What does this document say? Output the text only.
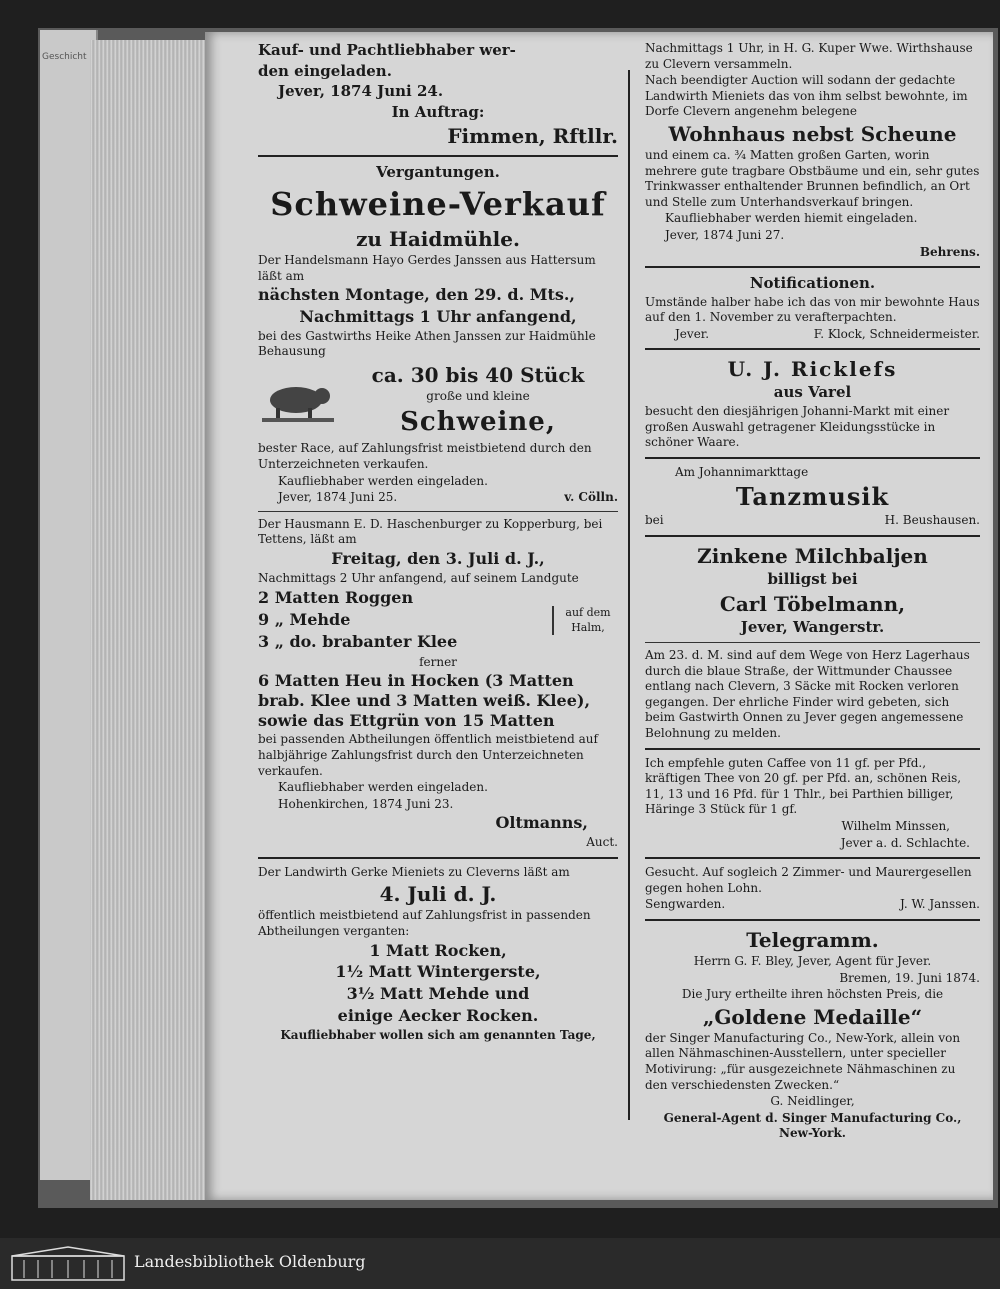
Geschicht	Kauf- und Pachtliebhaber wer-

den eingeladen.

Jever, 1874 Juni 24.

In Auftrag:

Fimmen, Rftllr.

Vergantungen.

Schweine-Verkauf

zu Haidmühle.

Der Handelsmann Hayo Gerdes Janssen aus Hattersum läßt am

nächsten Montage, den 29. d. Mts.,

Nachmittags 1 Uhr anfangend,

bei des Gastwirths Heike Athen Janssen zur Haidmühle Behausung

ca. 30 bis 40 Stück

große und kleine

Schweine,

bester Race, auf Zahlungsfrist meistbietend durch den Unterzeichneten verkaufen.

Kaufliebhaber werden eingeladen.

Jever, 1874 Juni 25.	v. Cölln.

Der Hausmann E. D. Haschenburger zu Kopperburg, bei Tettens, läßt am

Freitag, den 3. Juli d. J.,

Nachmittags 2 Uhr anfangend, auf seinem Landgute

2 Matten Roggen

9 „ Mehde

3 „ do. brabanter Klee

auf dem Halm,

ferner

6 Matten Heu in Hocken (3 Matten brab. Klee und 3 Matten weiß. Klee), sowie das Ettgrün von 15 Matten

bei passenden Abtheilungen öffentlich meistbietend auf halbjährige Zahlungsfrist durch den Unterzeichneten verkaufen.

Kaufliebhaber werden eingeladen.

Hohenkirchen, 1874 Juni 23.

Oltmanns,

Auct.

Der Landwirth Gerke Mieniets zu Cleverns läßt am

4. Juli d. J.

öffentlich meistbietend auf Zahlungsfrist in passenden Abtheilungen verganten:

1 Matt Rocken,

1½ Matt Wintergerste,

3½ Matt Mehde und

einige Aecker Rocken.

Kaufliebhaber wollen sich am genannten Tage,

Nachmittags 1 Uhr, in H. G. Kuper Wwe. Wirthshause zu Clevern versammeln.

Nach beendigter Auction will sodann der gedachte Landwirth Mieniets das von ihm selbst bewohnte, im Dorfe Clevern angenehm belegene

Wohnhaus nebst Scheune

und einem ca. ¾ Matten großen Garten, worin mehrere gute tragbare Obstbäume und ein, sehr gutes Trinkwasser enthaltender Brunnen befindlich, an Ort und Stelle zum Unterhandsverkauf bringen.

Kaufliebhaber werden hiemit eingeladen.

Jever, 1874 Juni 27.

Behrens.

Notificationen.

Umstände halber habe ich das von mir bewohnte Haus auf den 1. November zu verafterpachten.

Jever.	F. Klock, Schneidermeister.

U. J. Ricklefs

aus Varel

besucht den diesjährigen Johanni-Markt mit einer großen Auswahl getragener Kleidungsstücke in schöner Waare.

Am Johannimarkttage

Tanzmusik

bei	H. Beushausen.

Zinkene Milchbaljen

billigst bei

Carl Töbelmann,

Jever, Wangerstr.

Am 23. d. M. sind auf dem Wege von Herz Lagerhaus durch die blaue Straße, der Wittmunder Chaussee entlang nach Clevern, 3 Säcke mit Rocken verloren gegangen. Der ehrliche Finder wird gebeten, sich beim Gastwirth Onnen zu Jever gegen angemessene Belohnung zu melden.

Ich empfehle guten Caffee von 11 gf. per Pfd., kräftigen Thee von 20 gf. per Pfd. an, schönen Reis, 11, 13 und 16 Pfd. für 1 Thlr., bei Parthien billiger, Häringe 3 Stück für 1 gf.

Wilhelm Minssen,

Jever a. d. Schlachte.

Gesucht. Auf sogleich 2 Zimmer- und Maurergesellen gegen hohen Lohn.

Sengwarden.	J. W. Janssen.

Telegramm.

Herrn G. F. Bley, Jever, Agent für Jever.

Bremen, 19. Juni 1874.

Die Jury ertheilte ihren höchsten Preis, die

„Goldene Medaille“

der Singer Manufacturing Co., New-York, allein von allen Nähmaschinen-Ausstellern, unter specieller Motivirung: „für ausgezeichnete Nähmaschinen zu den verschiedensten Zwecken.“

G. Neidlinger,

General-Agent d. Singer Manufacturing Co., New-York.

Landesbibliothek Oldenburg
